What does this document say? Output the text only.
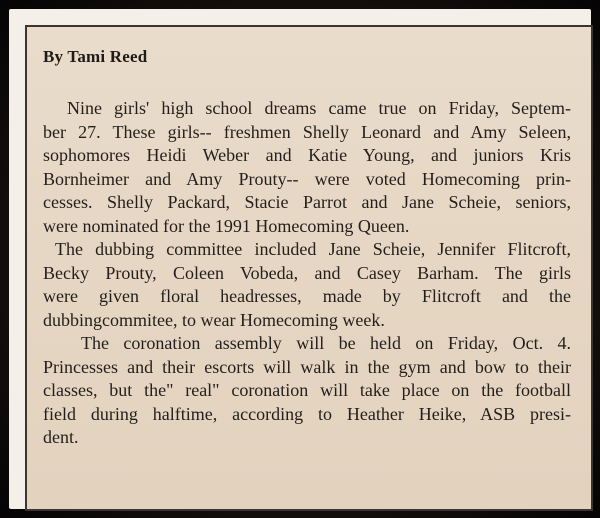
By Tami Reed
Nine girls' high school dreams came true on Friday, Septem-
ber 27. These girls-- freshmen Shelly Leonard and Amy Seleen,
sophomores Heidi Weber and Katie Young, and juniors Kris
Bornheimer and Amy Prouty-- were voted Homecoming prin-
cesses. Shelly Packard, Stacie Parrot and Jane Scheie, seniors,
were nominated for the 1991 Homecoming Queen.
The dubbing committee included Jane Scheie, Jennifer Flitcroft,
Becky Prouty, Coleen Vobeda, and Casey Barham. The girls
were given floral headresses, made by Flitcroft and the
dubbingcommitee, to wear Homecoming week.
The coronation assembly will be held on Friday, Oct. 4.
Princesses and their escorts will walk in the gym and bow to their
classes, but the" real" coronation will take place on the football
field during halftime, according to Heather Heike, ASB presi-
dent.
